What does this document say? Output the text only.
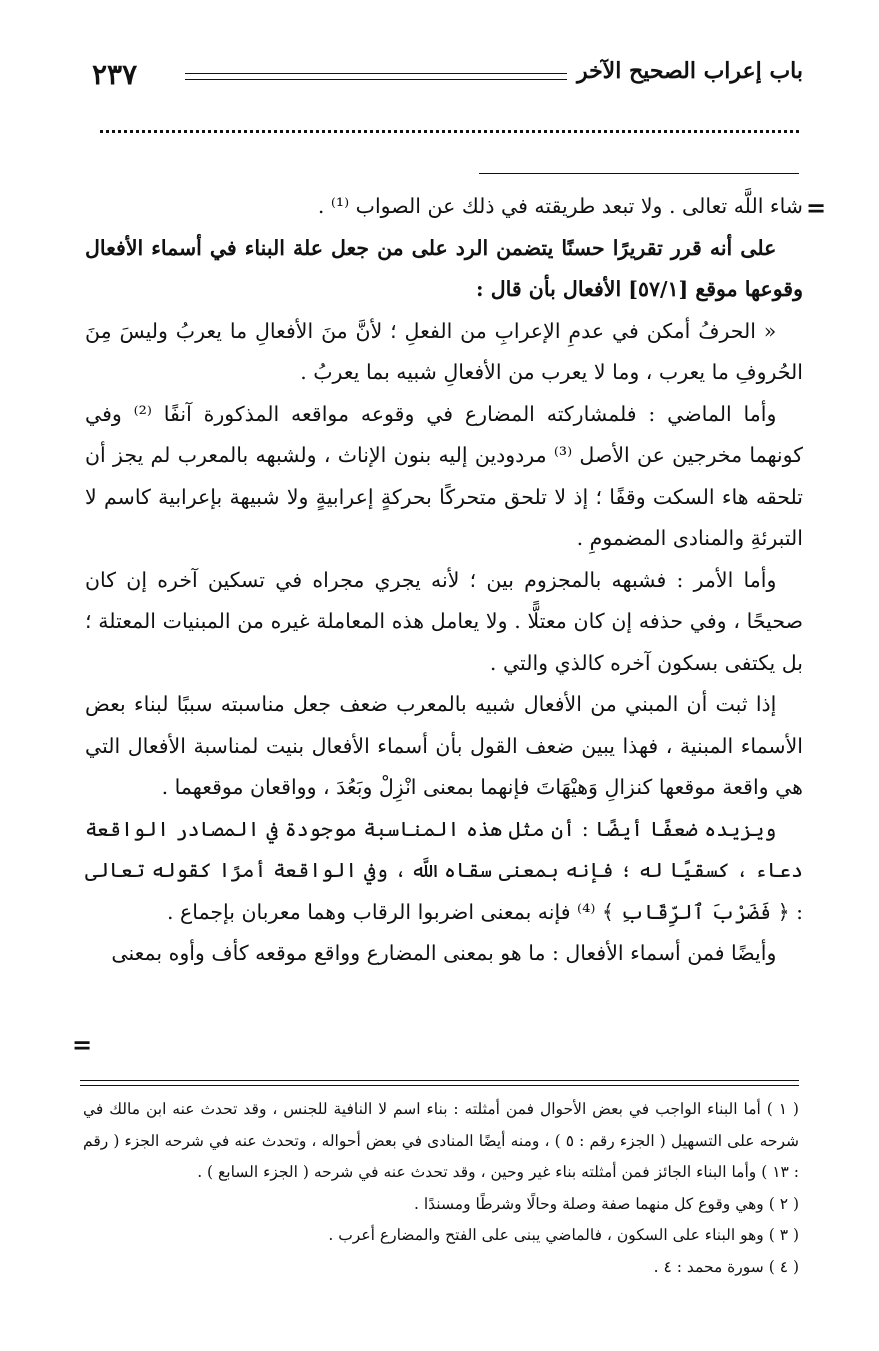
باب إعراب الصحيح الآخر
٢٣٧
=
=

شاء اللَّه تعالى . ولا تبعد طريقته في ذلك عن الصواب ⁽¹⁾ .

على أنه قرر تقريرًا حسنًا يتضمن الرد على من جعل علة البناء في أسماء الأفعال وقوعها موقع [٥٧/١] الأفعال بأن قال :

« الحرفُ أمكن في عدمِ الإعرابِ من الفعلِ ؛ لأنَّ منَ الأفعالِ ما يعربُ وليسَ مِنَ الحُروفِ ما يعرب ، وما لا يعرب من الأفعالِ شبيه بما يعربُ .

وأما الماضي : فلمشاركته المضارع في وقوعه مواقعه المذكورة آنفًا ⁽²⁾ وفي كونهما مخرجين عن الأصل ⁽³⁾ مردودين إليه بنون الإناث ، ولشبهه بالمعرب لم يجز أن تلحقه هاء السكت وقفًا ؛ إذ لا تلحق متحركًا بحركةٍ إعرابيةٍ ولا شبيهة بإعرابية كاسم لا التبرئةِ والمنادى المضمومِ .

وأما الأمر : فشبهه بالمجزوم بين ؛ لأنه يجري مجراه في تسكين آخره إن كان صحيحًا ، وفي حذفه إن كان معتلًّا . ولا يعامل هذه المعاملة غيره من المبنيات المعتلة ؛ بل يكتفى بسكون آخره كالذي والتي .

إذا ثبت أن المبني من الأفعال شبيه بالمعرب ضعف جعل مناسبته سببًا لبناء بعض الأسماء المبنية ، فهذا يبين ضعف القول بأن أسماء الأفعال بنيت لمناسبة الأفعال التي هي واقعة موقعها كنزالِ وَهيْهَاتَ فإنهما بمعنى انْزِلْ وبَعُدَ ، وواقعان موقعهما .

ويزيده ضعفًا أيضًا : أن مثل هذه المناسبة موجودة في المصادر الواقعة دعاء ، كسقيًا له ؛ فإنه بمعنى سقاه اللَّه ، وفي الواقعة أمرًا كقوله تعالى : ﴿ فَضَرْبَ ٱلرِّقَابِ ﴾ ⁽⁴⁾ فإنه بمعنى اضربوا الرقاب وهما معربان بإجماع .

وأيضًا فمن أسماء الأفعال : ما هو بمعنى المضارع وواقع موقعه كأف وأوه بمعنى

( ١ ) أما البناء الواجب في بعض الأحوال فمن أمثلته : بناء اسم لا النافية للجنس ، وقد تحدث عنه ابن مالك في شرحه على التسهيل ( الجزء رقم : ٥ ) ، ومنه أيضًا المنادى في بعض أحواله ، وتحدث عنه في شرحه الجزء ( رقم : ١٣ ) وأما البناء الجائز فمن أمثلته بناء غير وحين ، وقد تحدث عنه في شرحه ( الجزء السابع ) .

( ٢ ) وهي وقوع كل منهما صفة وصلة وحالًا وشرطًا ومسندًا .

( ٣ ) وهو البناء على السكون ، فالماضي يبنى على الفتح والمضارع أعرب .

( ٤ ) سورة محمد : ٤ .
